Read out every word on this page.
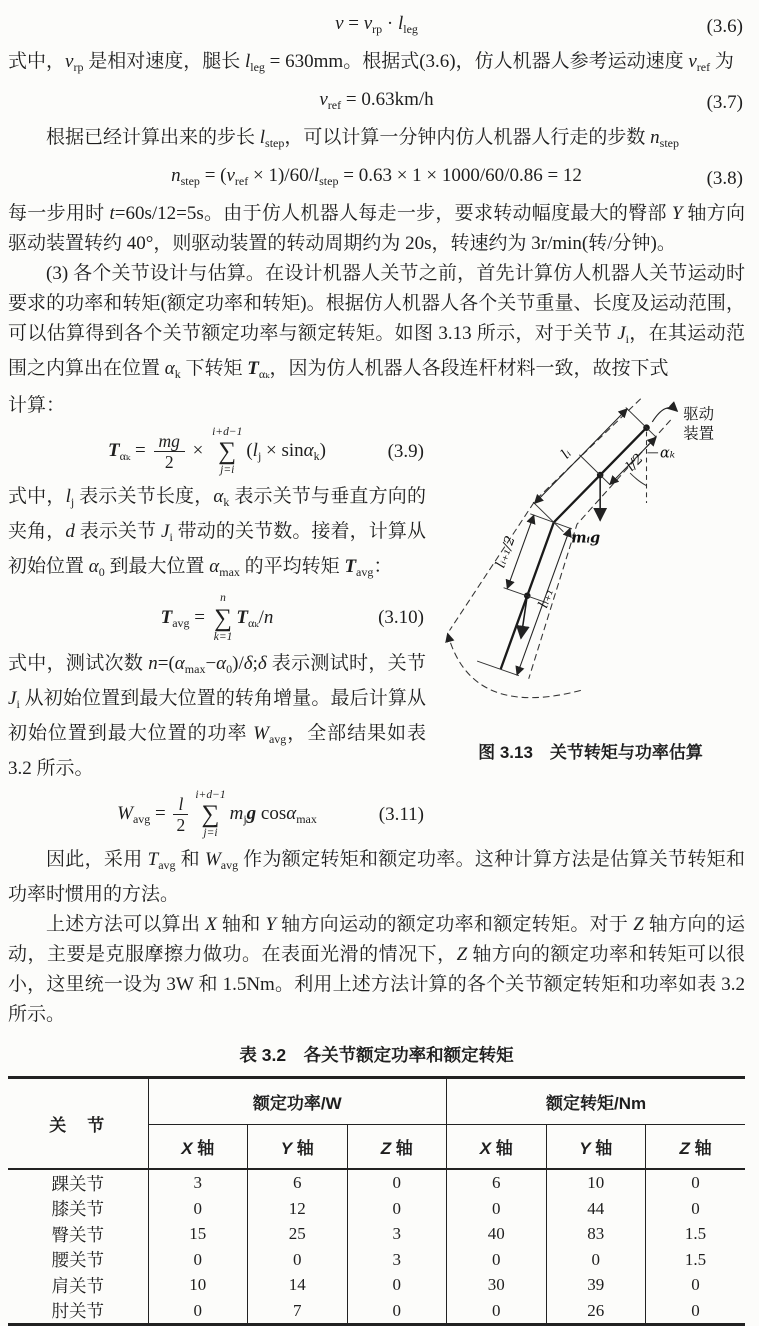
$v = v_{rp} \cdot l_{leg}$	(3.6)

式中，$v_{rp}$ 是相对速度，腿长 $l_{leg} = 630mm$。根据式(3.6)，仿人机器人参考运动速度 $v_{ref}$ 为

$v_{ref} = 0.63km/h$	(3.7)

根据已经计算出来的步长 $l_{step}$，可以计算一分钟内仿人机器人行走的步数 $n_{step}$

$n_{step} = (v_{ref} \times 1)/60/l_{step} = 0.63 \times 1 \times 1000/60/0.86 = 12$	(3.8)

每一步用时 t=60s/12=5s。由于仿人机器人每走一步，要求转动幅度最大的臀部 Y 轴方向驱动装置转约 40°，则驱动装置的转动周期约为 20s，转速约为 3r/min(转/分钟)。

(3) 各个关节设计与估算。在设计机器人关节之前，首先计算仿人机器人关节运动时要求的功率和转矩(额定功率和转矩)。根据仿人机器人各个关节重量、长度及运动范围，可以估算得到各个关节额定功率与额定转矩。如图 3.13 所示，对于关节 $J_i$，在其运动范围之内算出在位置 $\alpha_k$ 下转矩 $T_{\alpha_k}$，因为仿人机器人各段连杆材料一致，故按下式

计算：

$T_{\alpha_k} = \frac{mg}{2}$ ×
i+d−1
∑
j=i
$(l_j \times \sin\alpha_k)$	(3.9)

式中，$l_j$ 表示关节长度，$\alpha_k$ 表示关节与垂直方向的夹角，d 表示关节 $J_i$ 带动的关节数。接着，计算从初始位置 $\alpha_0$ 到最大位置 $\alpha_{max}$ 的平均转矩 $T_{avg}$：

$T_{avg}$ =
n
∑
k=1
$T_{\alpha_k}/n$	(3.10)

式中，测试次数 $n=(\alpha_{max}-\alpha_0)/\delta;\delta$ 表示测试时，关节 $J_i$ 从初始位置到最大位置的转角增量。最后计算从初始位置到最大位置的功率 $W_{avg}$，全部结果如表 3.2 所示。

$W_{avg} = \frac{l}{2} i+d-1$
∑
j=i
$m_jg$ cosα$_{max}$	(3.11)
驱动
装置
αₖ
lᵢ	l/2
lᵢ₊₁/2
lᵢ₊₁
mᵢg
图 3.13　关节转矩与功率估算

因此，采用 $T_{avg}$ 和 $W_{avg}$ 作为额定转矩和额定功率。这种计算方法是估算关节转矩和功率时惯用的方法。

上述方法可以算出 X 轴和 Y 轴方向运动的额定功率和额定转矩。对于 Z 轴方向的运动，主要是克服摩擦力做功。在表面光滑的情况下，Z 轴方向的额定功率和转矩可以很小，这里统一设为 3W 和 1.5Nm。利用上述方法计算的各个关节额定转矩和功率如表 3.2 所示。

表 3.2　各关节额定功率和额定转矩
关　节	额定功率/W			额定转矩/Nm		
	X 轴	Y 轴	Z 轴	X 轴	Y 轴	Z 轴
踝关节	3	6	0	6	10	0
膝关节	0	12	0	0	44	0
臀关节	15	25	3	40	83	1.5
腰关节	0	0	3	0	0	1.5
肩关节	10	14	0	30	39	0
肘关节	0	7	0	0	26	0
